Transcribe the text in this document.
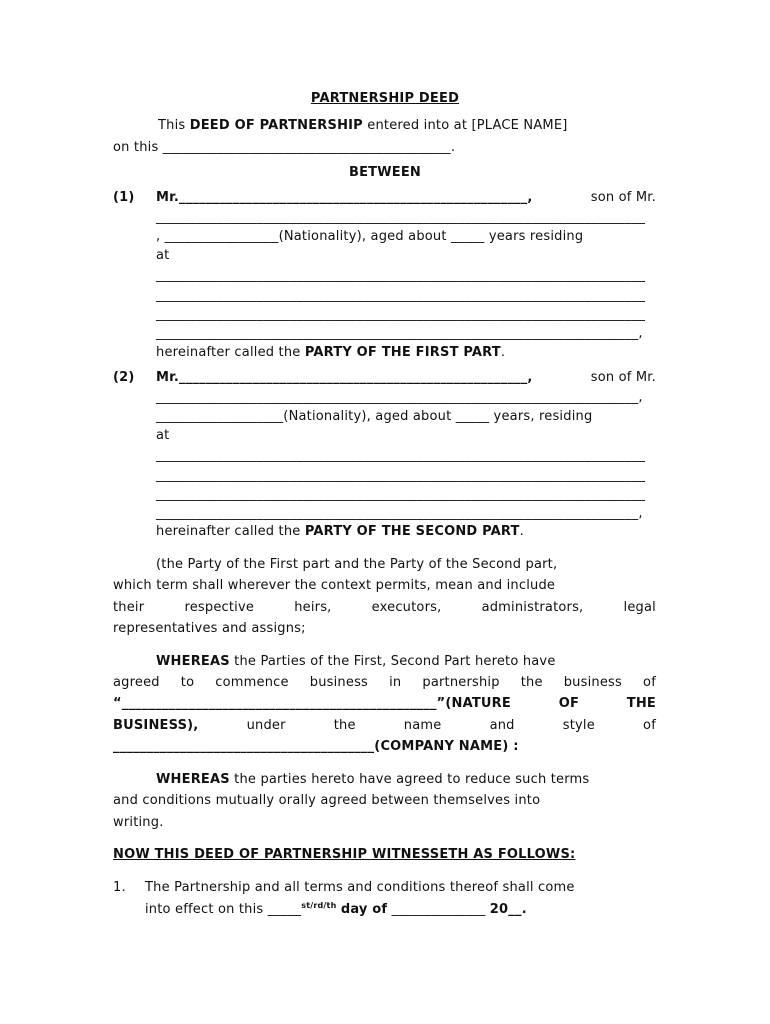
PARTNERSHIP DEED
This DEED OF PARTNERSHIP entered into at [PLACE NAME]
on this ___________________________________________.
BETWEEN
(1) Mr.____________________________________________________,	son of Mr.
_________________________________________________________________________
, _________________(Nationality), aged about _____ years residing
at
_________________________________________________________________________
_________________________________________________________________________
_________________________________________________________________________
________________________________________________________________________,
hereinafter called the PARTY OF THE FIRST PART.
(2) Mr.____________________________________________________,	son of Mr.
________________________________________________________________________,
___________________(Nationality), aged about _____ years, residing
at
_________________________________________________________________________
_________________________________________________________________________
_________________________________________________________________________
________________________________________________________________________,
hereinafter called the PARTY OF THE SECOND PART.
(the Party of the First part and the Party of the Second part,
which term shall wherever the context permits, mean and include
their	respective	heirs,	executors,	administrators,	legal
representatives and assigns;
WHEREAS the Parties of the First, Second Part hereto have
agreed to commence business in partnership the business of
“_______________________________________________”(NATURE	OF	THE
BUSINESS),	under	the	name	and	style	of
_______________________________________(COMPANY NAME) :
WHEREAS the parties hereto have agreed to reduce such terms
and conditions mutually orally agreed between themselves into
writing.
NOW THIS DEED OF PARTNERSHIP WITNESSETH AS FOLLOWS:
1. The Partnership and all terms and conditions thereof shall come
into effect on this _____$^{st/rd/th}$ day of ______________ 20__.
